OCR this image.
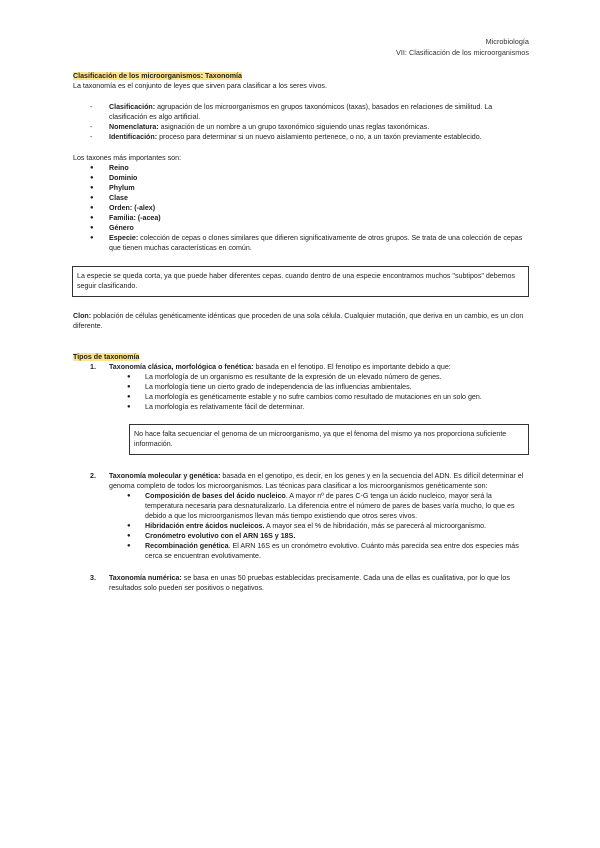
Microbiología
VII: Clasificación de los microorganismos
Clasificación de los microorganismos: Taxonomía

La taxonomía es el conjunto de leyes que sirven para clasificar a los seres vivos.

- Clasificación: agrupación de los microorganismos en grupos taxonómicos (taxas), basados en relaciones de similitud. La clasificación es algo artificial.
- Nomenclatura: asignación de un nombre a un grupo taxonómico siguiendo unas reglas taxonómicas.
- Identificación: proceso para determinar si un nuevo aislamiento pertenece, o no, a un taxón previamente establecido.

Los taxones más importantes son:

● Reino
● Dominio
● Phylum
● Clase
● Orden: (-alex)
● Familia: (-acea)
● Género
● Especie: colección de cepas o clones similares que difieren significativamente de otros grupos. Se trata de una colección de cepas que tienen muchas características en común.
La especie se queda corta, ya que puede haber diferentes cepas. cuando dentro de una especie encontramos muchos "subtipos" debemos seguir clasificando.

Clon: población de células genéticamente idénticas que proceden de una sola célula. Cualquier mutación, que deriva en un cambio, es un clon diferente.

Tipos de taxonomía
1. Taxonomía clásica, morfológica o fenética: basada en el fenotipo. El fenotipo es importante debido a que:
● La morfología de un organismo es resultante de la expresión de un elevado número de genes.
● La morfología tiene un cierto grado de independencia de las influencias ambientales.
● La morfología es genéticamente estable y no sufre cambios como resultado de mutaciones en un solo gen.
● La morfología es relativamente fácil de determinar.
No hace falta secuenciar el genoma de un microorganismo, ya que el fenoma del mismo ya nos proporciona suficiente información.
2. Taxonomía molecular y genética: basada en el genotipo, es decir, en los genes y en la secuencia del ADN. Es difícil determinar el genoma completo de todos los microorganismos. Las técnicas para clasificar a los microorganismos genéticamente son:
● Composición de bases del ácido nucleico. A mayor nº de pares C-G tenga un ácido nucleico, mayor será la temperatura necesaria para desnaturalizarlo. La diferencia entre el número de pares de bases varía mucho, lo que es debido a que los microorganismos llevan más tiempo existiendo que otros seres vivos.
● Hibridación entre ácidos nucleicos. A mayor sea el % de hibridación, más se parecerá al microorganismo.
● Cronómetro evolutivo con el ARN 16S y 18S.
● Recombinación genética. El ARN 16S es un cronómetro evolutivo. Cuánto más parecida sea entre dos especies más cerca se encuentran evolutivamente.
3. Taxonomía numérica: se basa en unas 50 pruebas establecidas precisamente. Cada una de ellas es cualitativa, por lo que los resultados solo pueden ser positivos o negativos.
